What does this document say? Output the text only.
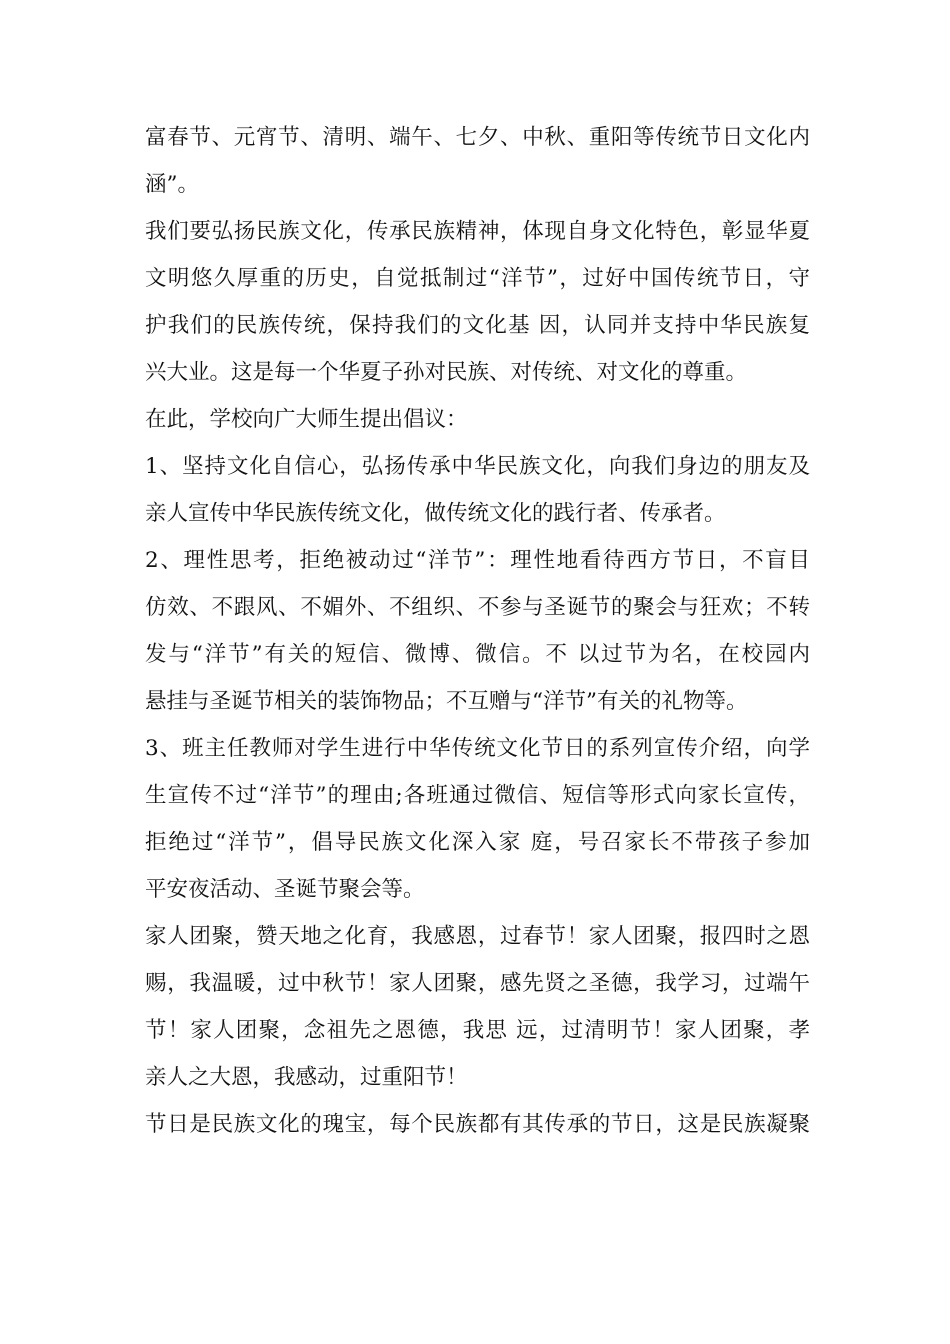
富春节、元宵节、清明、端午、七夕、中秋、重阳等传统节日文化内
涵”。
我们要弘扬民族文化，传承民族精神，体现自身文化特色，彰显华夏
文明悠久厚重的历史，自觉抵制过“洋节”，过好中国传统节日，守
护我们的民族传统，保持我们的文化基 因，认同并支持中华民族复
兴大业。这是每一个华夏子孙对民族、对传统、对文化的尊重。
在此，学校向广大师生提出倡议：
1、坚持文化自信心，弘扬传承中华民族文化，向我们身边的朋友及
亲人宣传中华民族传统文化，做传统文化的践行者、传承者。
2、理性思考，拒绝被动过“洋节”：理性地看待西方节日，不盲目
仿效、不跟风、不媚外、不组织、不参与圣诞节的聚会与狂欢；不转
发与“洋节”有关的短信、微博、微信。不 以过节为名，在校园内
悬挂与圣诞节相关的装饰物品；不互赠与“洋节”有关的礼物等。
3、班主任教师对学生进行中华传统文化节日的系列宣传介绍，向学
生宣传不过“洋节”的理由;各班通过微信、短信等形式向家长宣传，
拒绝过“洋节”，倡导民族文化深入家 庭，号召家长不带孩子参加
平安夜活动、圣诞节聚会等。
家人团聚，赞天地之化育，我感恩，过春节！家人团聚，报四时之恩
赐，我温暖，过中秋节！家人团聚，感先贤之圣德，我学习，过端午
节！家人团聚，念祖先之恩德，我思 远，过清明节！家人团聚，孝
亲人之大恩，我感动，过重阳节！
节日是民族文化的瑰宝，每个民族都有其传承的节日，这是民族凝聚
